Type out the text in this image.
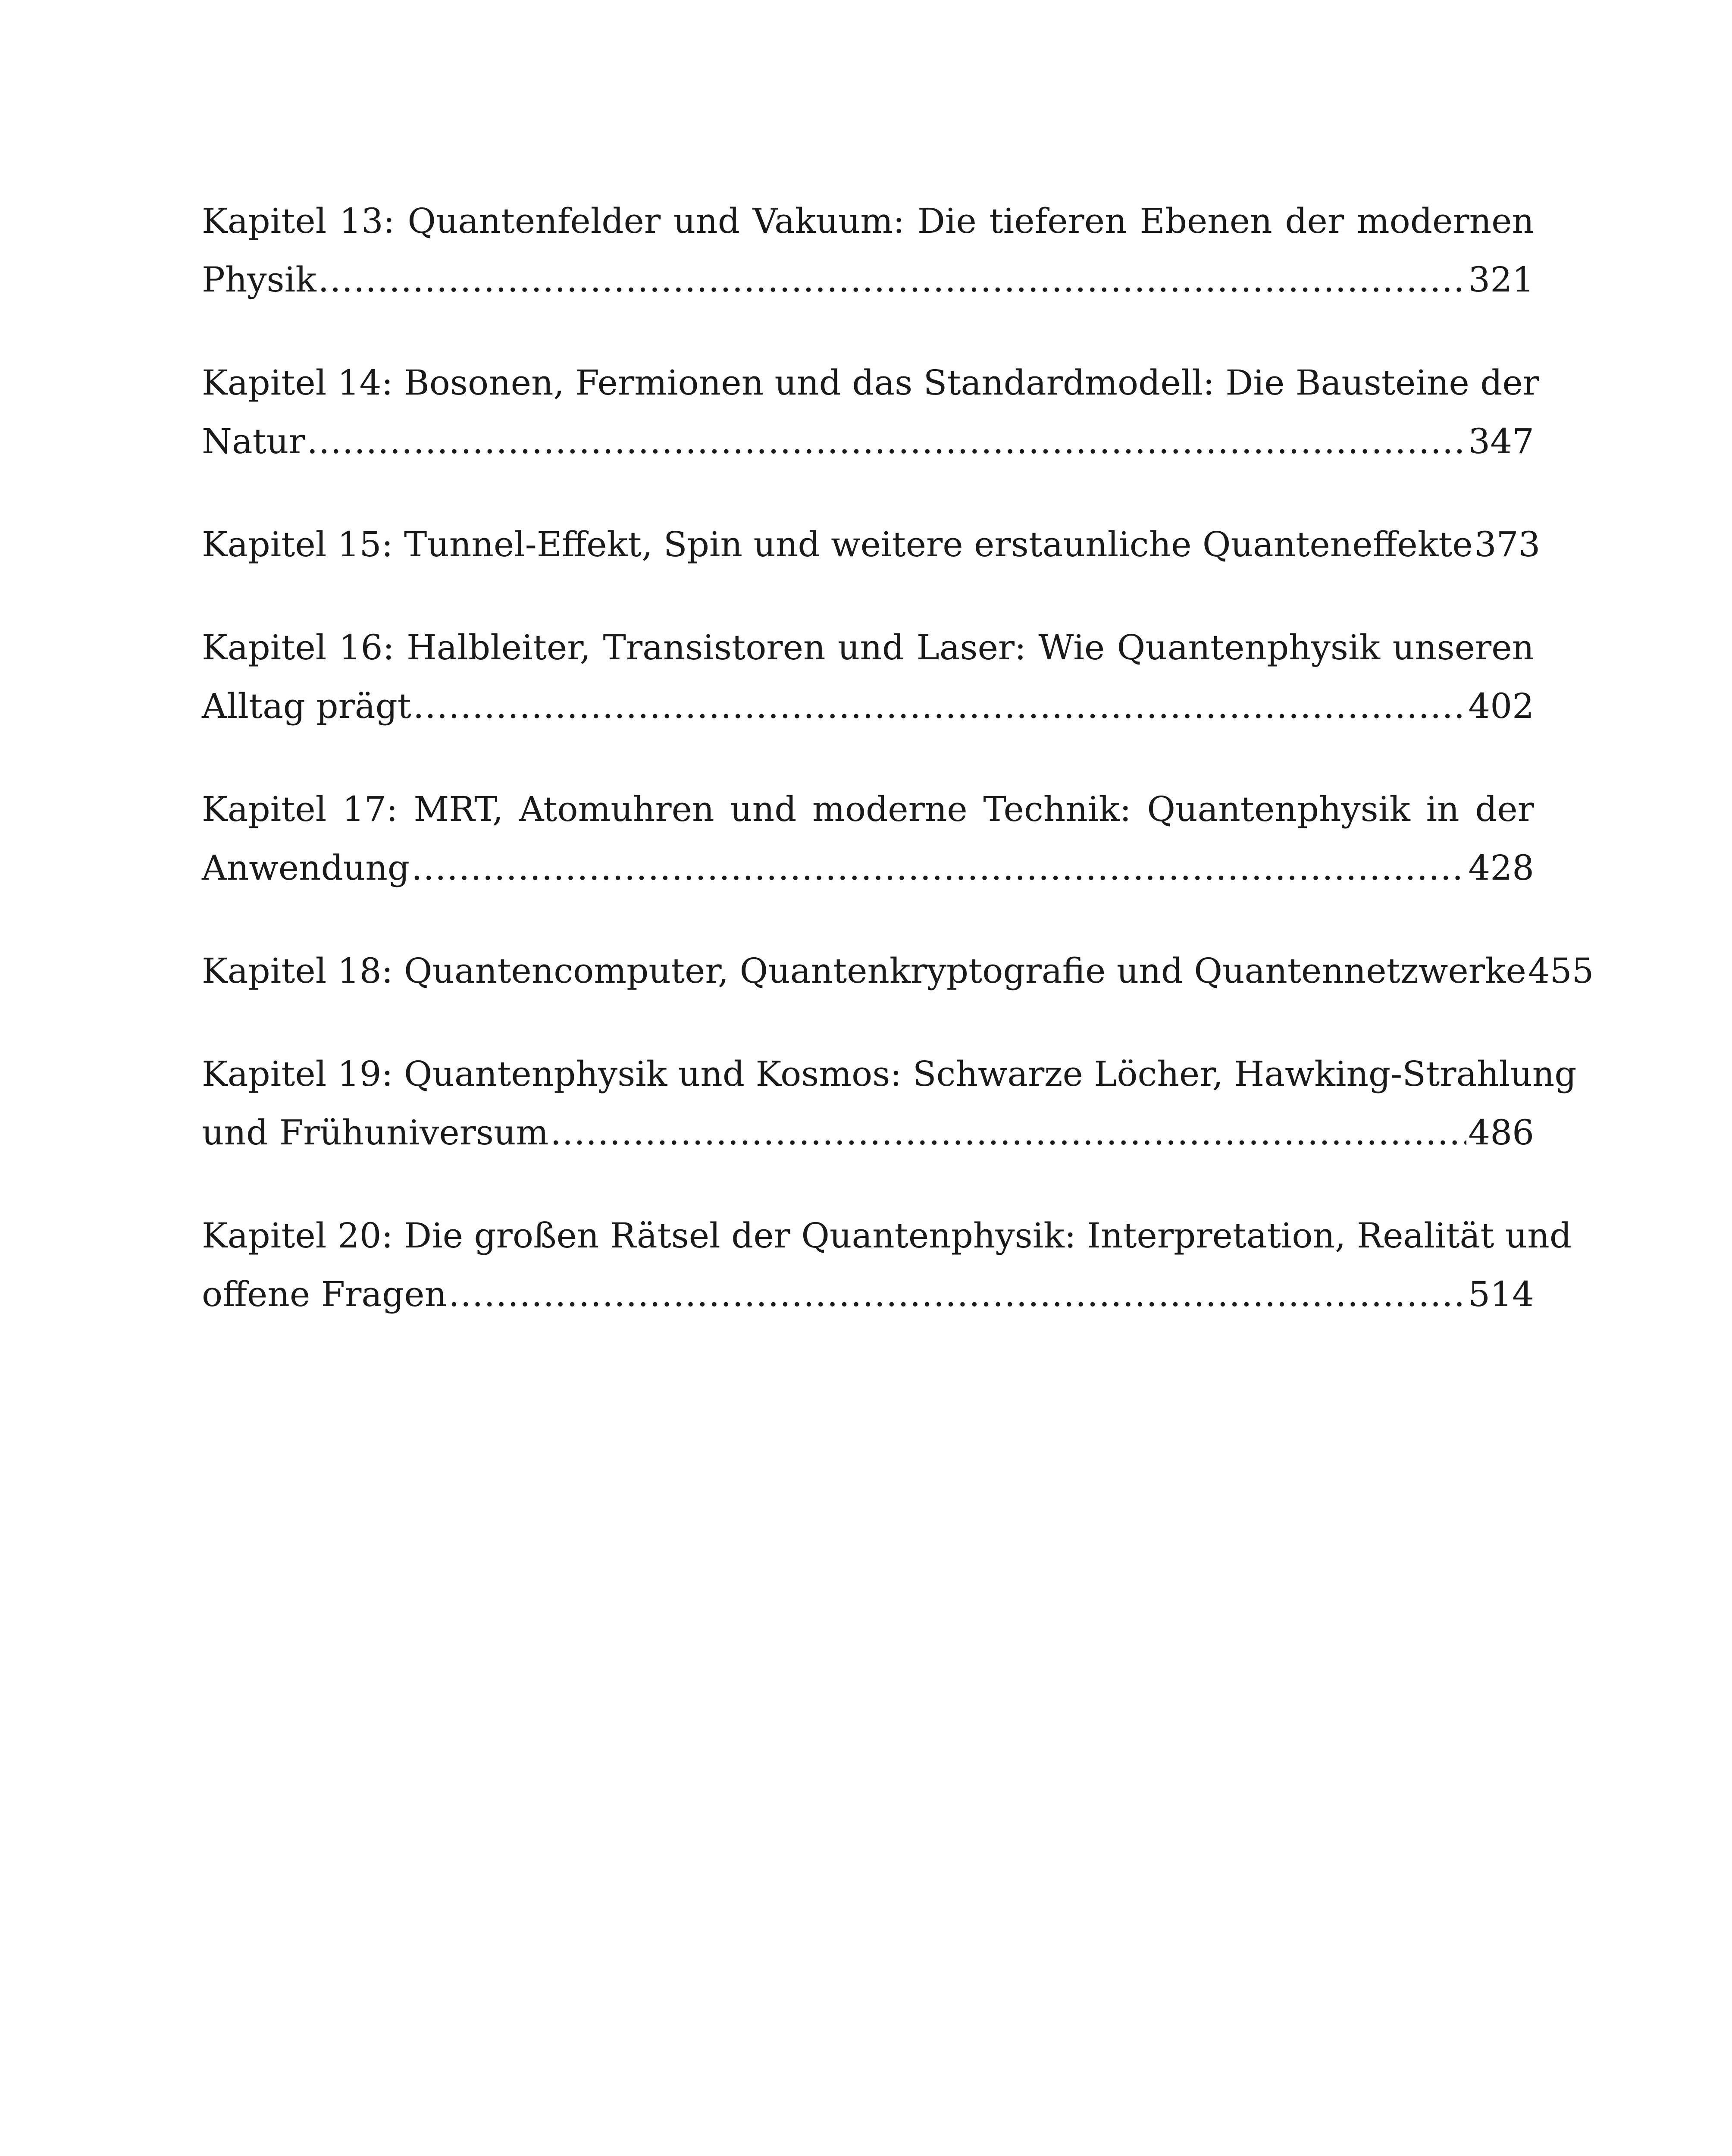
Kapitel 13: Quantenfelder und Vakuum: Die tieferen Ebenen der modernen
Physik .....	321
Kapitel 14: Bosonen, Fermionen und das Standardmodell: Die Bausteine der
Natur .....	347
Kapitel 15: Tunnel-Effekt, Spin und weitere erstaunliche Quanteneffekte 373
Kapitel 16: Halbleiter, Transistoren und Laser: Wie Quantenphysik unseren
Alltag prägt .....	402
Kapitel 17: MRT, Atomuhren und moderne Technik: Quantenphysik in der
Anwendung .....	428
Kapitel 18: Quantencomputer, Quantenkryptografie und Quantennetzwerke 455
Kapitel 19: Quantenphysik und Kosmos: Schwarze Löcher, Hawking-Strahlung
und Frühuniversum .....	486
Kapitel 20: Die großen Rätsel der Quantenphysik: Interpretation, Realität und
offene Fragen .....	514
